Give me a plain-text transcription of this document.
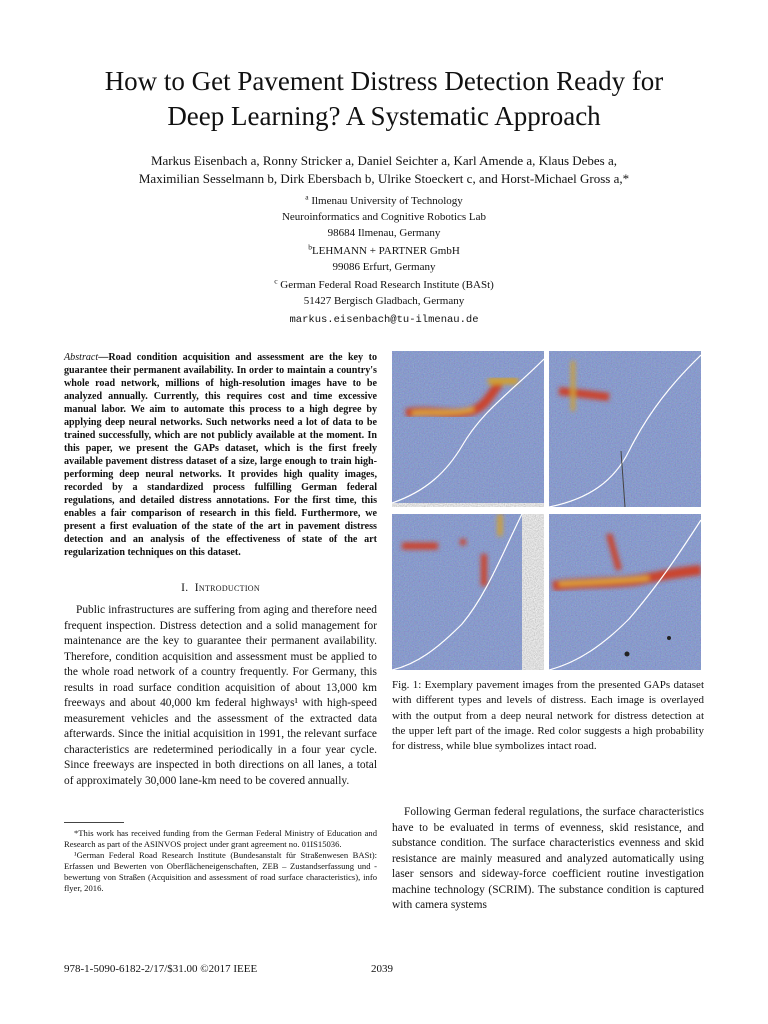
How to Get Pavement Distress Detection Ready for
Deep Learning? A Systematic Approach
Markus Eisenbach a, Ronny Stricker a, Daniel Seichter a, Karl Amende a, Klaus Debes a,
Maximilian Sesselmann b, Dirk Ebersbach b, Ulrike Stoeckert c, and Horst-Michael Gross a,*
$^a$ Ilmenau University of Technology
Neuroinformatics and Cognitive Robotics Lab
98684 Ilmenau, Germany
$^b$LEHMANN + PARTNER GmbH
99086 Erfurt, Germany
$^c$ German Federal Road Research Institute (BASt)
51427 Bergisch Gladbach, Germany
markus.eisenbach@tu-ilmenau.de
Abstract—Road condition acquisition and assessment are the key to guarantee their permanent availability. In order to maintain a country's whole road network, millions of high-resolution images have to be analyzed annually. Currently, this requires cost and time excessive manual labor. We aim to automate this process to a high degree by applying deep neural networks. Such networks need a lot of data to be trained successfully, which are not publicly available at the moment. In this paper, we present the GAPs dataset, which is the first freely available pavement distress dataset of a size, large enough to train high-performing deep neural networks. It provides high quality images, recorded by a standardized process fulfilling German federal regulations, and detailed distress annotations. For the first time, this enables a fair comparison of research in this field. Furthermore, we present a first evaluation of the state of the art in pavement distress detection and an analysis of the effectiveness of state of the art regularization techniques on this dataset.
I. Introduction
Public infrastructures are suffering from aging and therefore need frequent inspection. Distress detection and a solid management for maintenance are the key to guarantee their permanent availability. Therefore, condition acquisition and assessment must be applied to the whole road network of a country frequently. For Germany, this results in road surface condition acquisition of about 13,000 km freeways and about 40,000 km federal highways¹ with high-speed measurement vehicles and the assessment of the extracted data afterwards. Since the initial acquisition in 1991, the relevant surface characteristics are redetermined periodically in a four year cycle. Since freeways are inspected in both directions on all lanes, a total of approximately 30,000 lane-km need to be covered annually.

*This work has received funding from the German Federal Ministry of Education and Research as part of the ASINVOS project under grant agreement no. 01IS15036.

¹German Federal Road Research Institute (Bundesanstalt für Straßenwesen BASt): Erfassen und Bewerten von Oberflächeneigenschaften, ZEB – Zustandserfassung und -bewertung von Straßen (Acquisition and assessment of road surface characteristics), info flyer, 2016.

Fig. 1: Exemplary pavement images from the presented GAPs dataset with different types and levels of distress. Each image is overlayed with the output from a deep neural network for distress detection at the upper left part of the image. Red color suggests a high probability for distress, while blue symbolizes intact road.
Following German federal regulations, the surface characteristics have to be evaluated in terms of evenness, skid resistance, and substance condition. The surface characteristics evenness and skid resistance are mainly measured and analyzed automatically using laser sensors and sideway-force coefficient routine investigation machine technology (SCRIM). The substance condition is captured with camera systems
978-1-5090-6182-2/17/$31.00 ©2017 IEEE	2039
